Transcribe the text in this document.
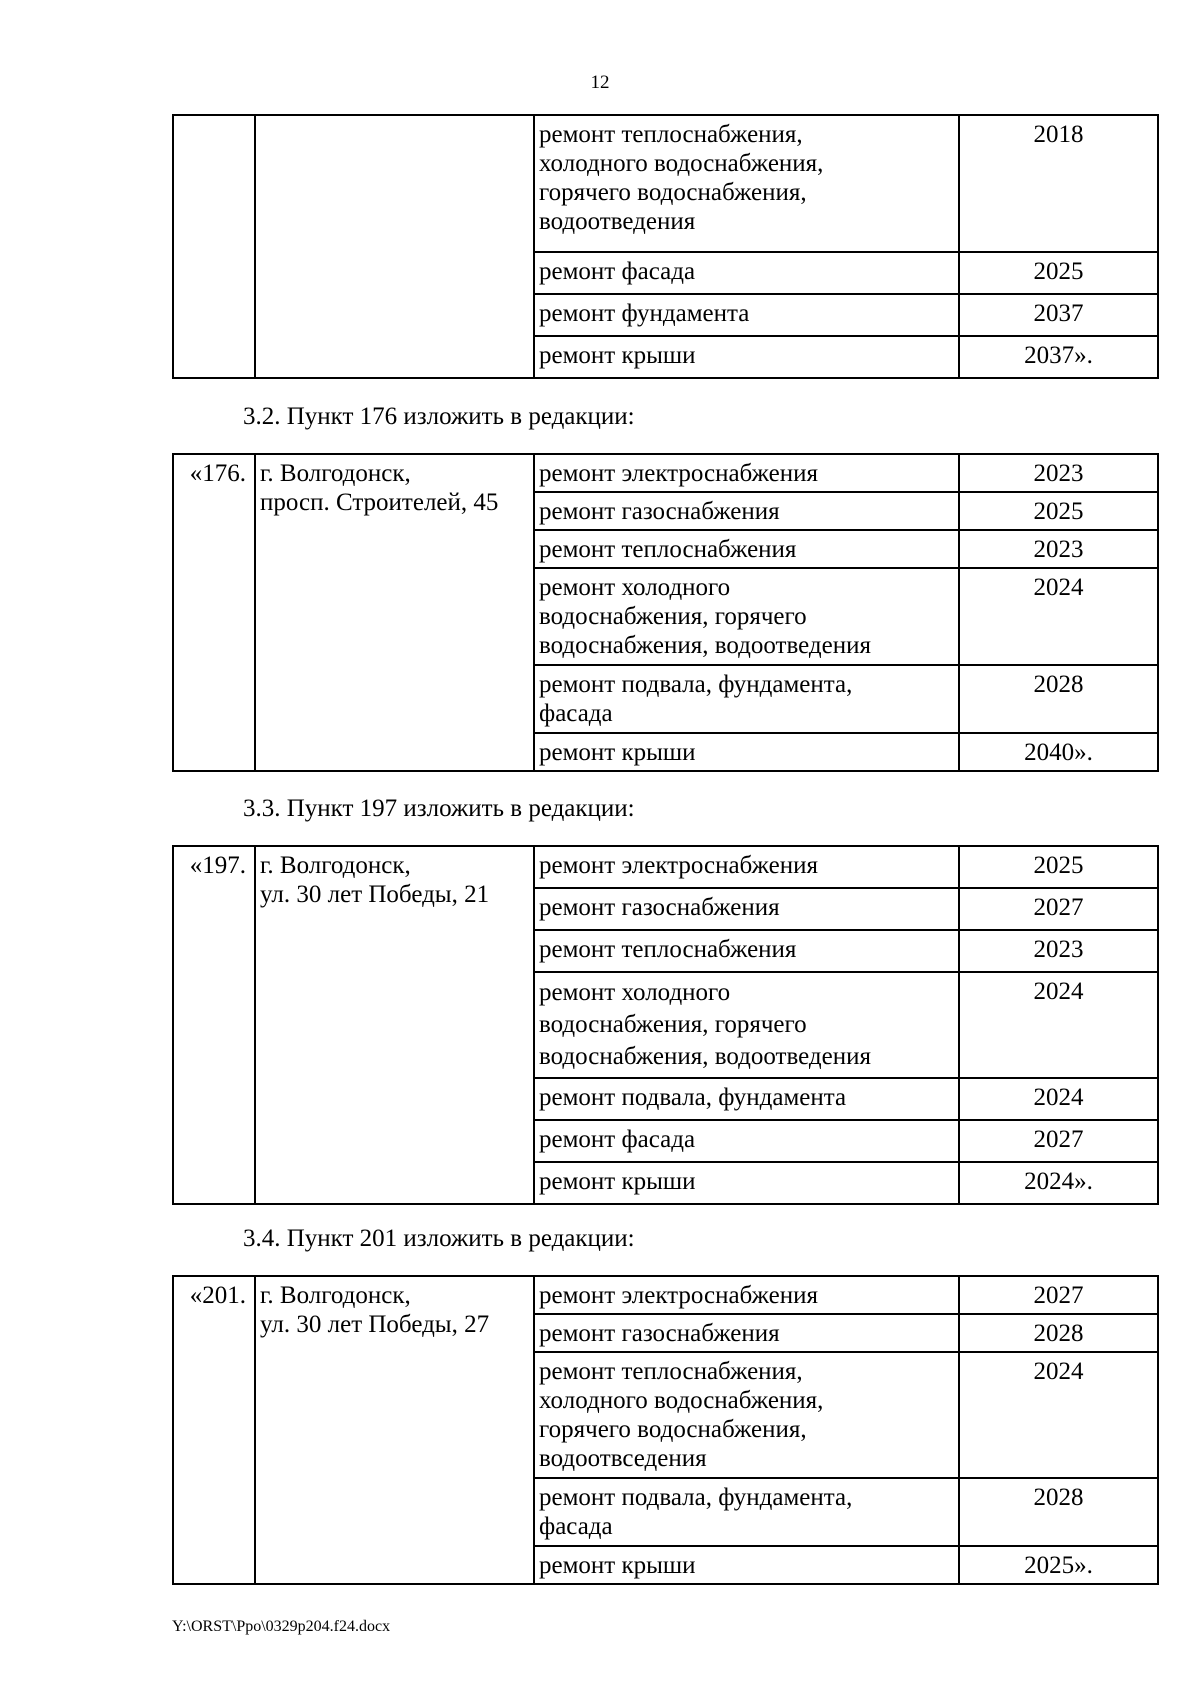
12
		ремонт теплоснабжения,
холодного водоснабжения,
горячего водоснабжения,
водоотведения	2018
		ремонт фасада	2025
		ремонт фундамента	2037
		ремонт крыши	2037».
3.2. Пункт 176 изложить в редакции:
«176.	г. Волгодонск,
просп. Строителей, 45	ремонт электроснабжения	2023
		ремонт газоснабжения	2025
		ремонт теплоснабжения	2023
		ремонт холодного
водоснабжения, горячего
водоснабжения, водоотведения	2024
		ремонт подвала, фундамента,
фасада	2028
		ремонт крыши	2040».
3.3. Пункт 197 изложить в редакции:
«197.	г. Волгодонск,
ул. 30 лет Победы, 21	ремонт электроснабжения	2025
		ремонт газоснабжения	2027
		ремонт теплоснабжения	2023
		ремонт холодного
водоснабжения, горячего
водоснабжения, водоотведения	2024
		ремонт подвала, фундамента	2024
		ремонт фасада	2027
		ремонт крыши	2024».
3.4. Пункт 201 изложить в редакции:
«201.	г. Волгодонск,
ул. 30 лет Победы, 27	ремонт электроснабжения	2027
		ремонт газоснабжения	2028
		ремонт теплоснабжения,
холодного водоснабжения,
горячего водоснабжения,
водоотвседения	2024
		ремонт подвала, фундамента,
фасада	2028
		ремонт крыши	2025».
Y:\ORST\Ppo\0329p204.f24.docx
